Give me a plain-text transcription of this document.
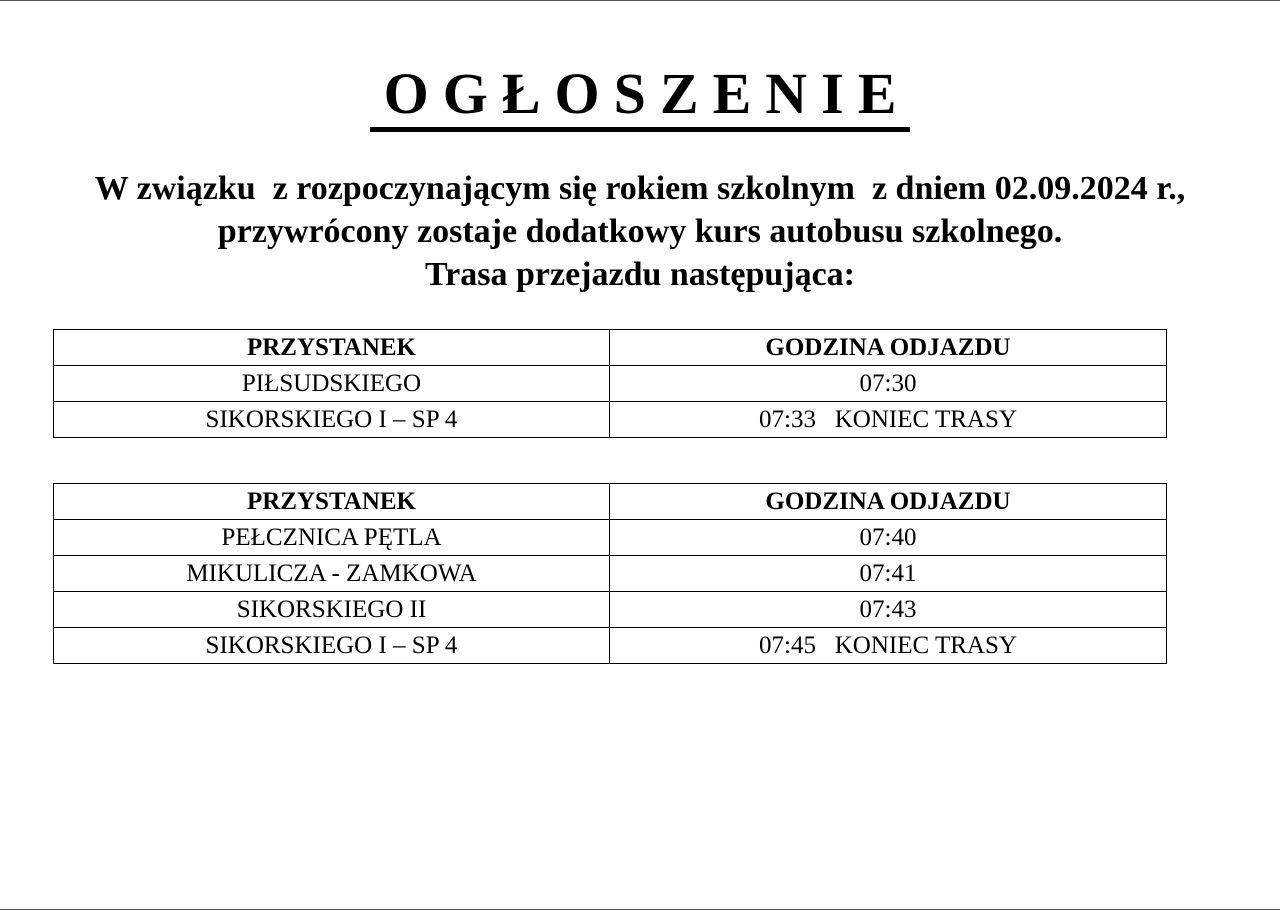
OGŁOSZENIE
W związku  z rozpoczynającym się rokiem szkolnym  z dniem 02.09.2024 r.,
przywrócony zostaje dodatkowy kurs autobusu szkolnego.
Trasa przejazdu następująca:
PRZYSTANEK	GODZINA ODJAZDU
PIŁSUDSKIEGO	07:30
SIKORSKIEGO I – SP 4	07:33   KONIEC TRASY
PRZYSTANEK	GODZINA ODJAZDU
PEŁCZNICA PĘTLA	07:40
MIKULICZA - ZAMKOWA	07:41
SIKORSKIEGO II	07:43
SIKORSKIEGO I – SP 4	07:45   KONIEC TRASY
